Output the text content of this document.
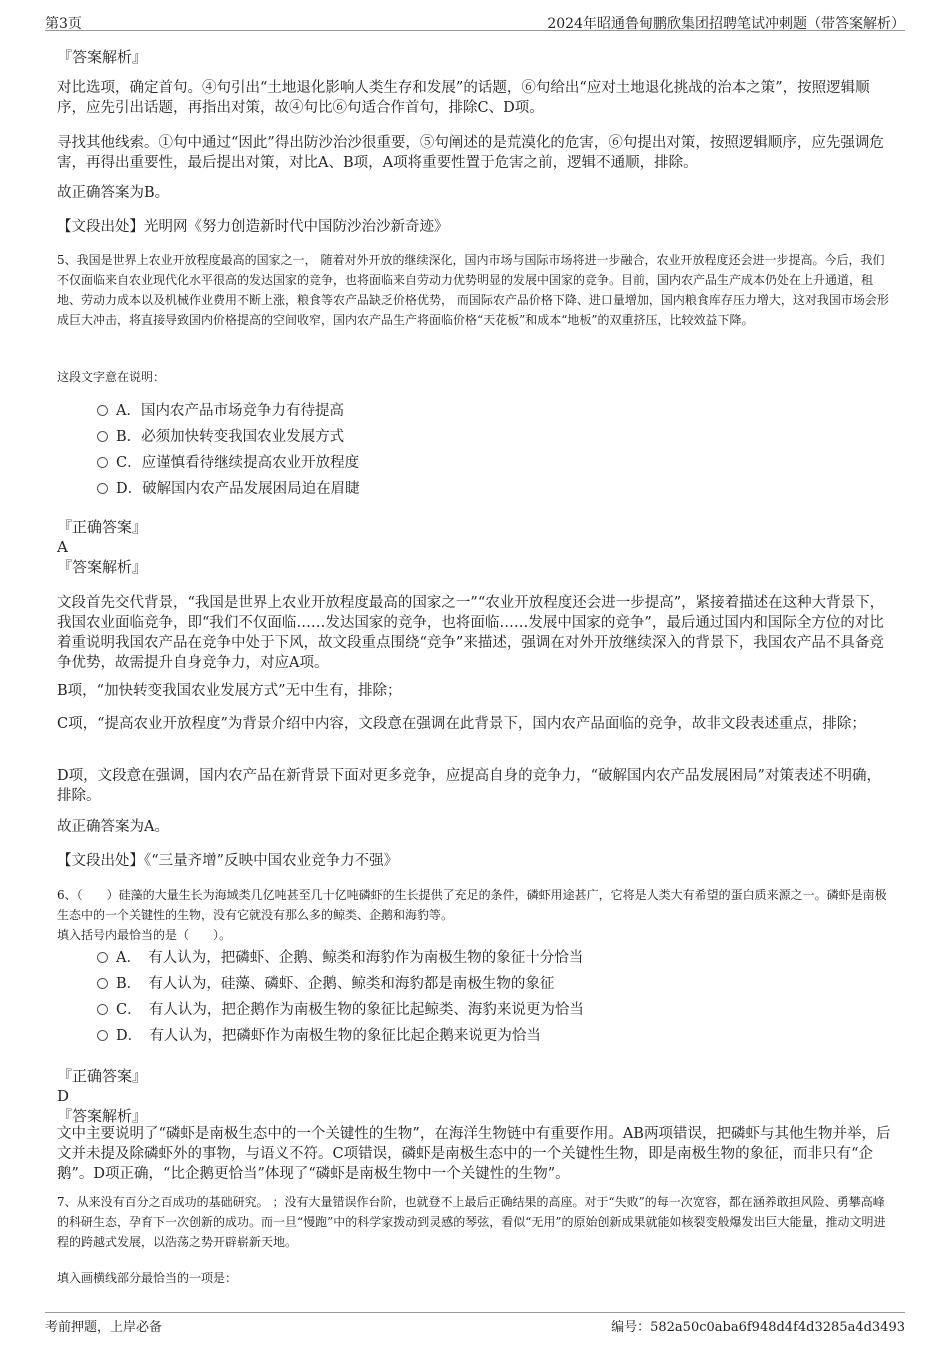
第3页	2024年昭通鲁甸鹏欣集团招聘笔试冲刺题（带答案解析）
『答案解析』

对比选项，确定首句。④句引出“土地退化影响人类生存和发展”的话题，⑥句给出“应对土地退化挑战的治本之策”，按照逻辑顺序，应先引出话题，再指出对策，故④句比⑥句适合作首句，排除C、D项。

寻找其他线索。①句中通过“因此”得出防沙治沙很重要，⑤句阐述的是荒漠化的危害，⑥句提出对策，按照逻辑顺序，应先强调危害，再得出重要性，最后提出对策，对比A、B项，A项将重要性置于危害之前，逻辑不通顺，排除。

故正确答案为B。

【文段出处】光明网《努力创造新时代中国防沙治沙新奇迹》

5、我国是世界上农业开放程度最高的国家之一， 随着对外开放的继续深化，国内市场与国际市场将进一步融合，农业开放程度还会进一步提高。今后，我们不仅面临来自农业现代化水平很高的发达国家的竞争，也将面临来自劳动力优势明显的发展中国家的竞争。目前，国内农产品生产成本仍处在上升通道，租地、劳动力成本以及机械作业费用不断上涨，粮食等农产品缺乏价格优势， 而国际农产品价格下降、进口量增加，国内粮食库存压力增大，这对我国市场会形成巨大冲击，将直接导致国内价格提高的空间收窄，国内农产品生产将面临价格“天花板”和成本“地板”的双重挤压，比较效益下降。

这段文字意在说明：

A．国内农产品市场竞争力有待提高
B．必须加快转变我国农业发展方式
C．应谨慎看待继续提高农业开放程度
D．破解国内农产品发展困局迫在眉睫
『正确答案』
A
『答案解析』

文段首先交代背景，“我国是世界上农业开放程度最高的国家之一”“农业开放程度还会进一步提高”，紧接着描述在这种大背景下，我国农业面临竞争，即“我们不仅面临……发达国家的竞争，也将面临……发展中国家的竞争”，最后通过国内和国际全方位的对比着重说明我国农产品在竞争中处于下风，故文段重点围绕“竞争”来描述，强调在对外开放继续深入的背景下，我国农产品不具备竞争优势，故需提升自身竞争力，对应A项。

B项，“加快转变我国农业发展方式”无中生有，排除；

C项，“提高农业开放程度”为背景介绍中内容，文段意在强调在此背景下，国内农产品面临的竞争，故非文段表述重点，排除；

D项，文段意在强调，国内农产品在新背景下面对更多竞争，应提高自身的竞争力，“破解国内农产品发展困局”对策表述不明确，排除。

故正确答案为A。

【文段出处】《“三量齐增”反映中国农业竞争力不强》

6、（　　）硅藻的大量生长为海域类几亿吨甚至几十亿吨磷虾的生长提供了充足的条件，磷虾用途甚广，它将是人类大有希望的蛋白质来源之一。磷虾是南极生态中的一个关键性的生物，没有它就没有那么多的鲸类、企鹅和海豹等。

填入括号内最恰当的是（　　）。

A．　有人认为，把磷虾、企鹅、鲸类和海豹作为南极生物的象征十分恰当
B．　有人认为，硅藻、磷虾、企鹅、鲸类和海豹都是南极生物的象征
C．　有人认为，把企鹅作为南极生物的象征比起鲸类、海豹来说更为恰当
D．　有人认为，把磷虾作为南极生物的象征比起企鹅来说更为恰当
『正确答案』
D
『答案解析』

文中主要说明了“磷虾是南极生态中的一个关键性的生物”，在海洋生物链中有重要作用。AB两项错误，把磷虾与其他生物并举，后文并未提及除磷虾外的事物，与语义不符。C项错误，磷虾是南极生态中的一个关键性生物，即是南极生物的象征，而非只有“企鹅”。D项正确，“比企鹅更恰当”体现了“磷虾是南极生物中一个关键性的生物”。

7、从来没有百分之百成功的基础研究。 ；没有大量错误作台阶，也就登不上最后正确结果的高座。对于“失败”的每一次宽容，都在涵养敢担风险、勇攀高峰的科研生态，孕育下一次创新的成功。而一旦“慢跑”中的科学家拨动到灵感的琴弦，看似“无用”的原始创新成果就能如核裂变般爆发出巨大能量，推动文明进程的跨越式发展，以浩荡之势开辟崭新天地。

填入画横线部分最恰当的一项是：

考前押题，上岸必备	编号：582a50c0aba6f948d4f4d3285a4d3493
